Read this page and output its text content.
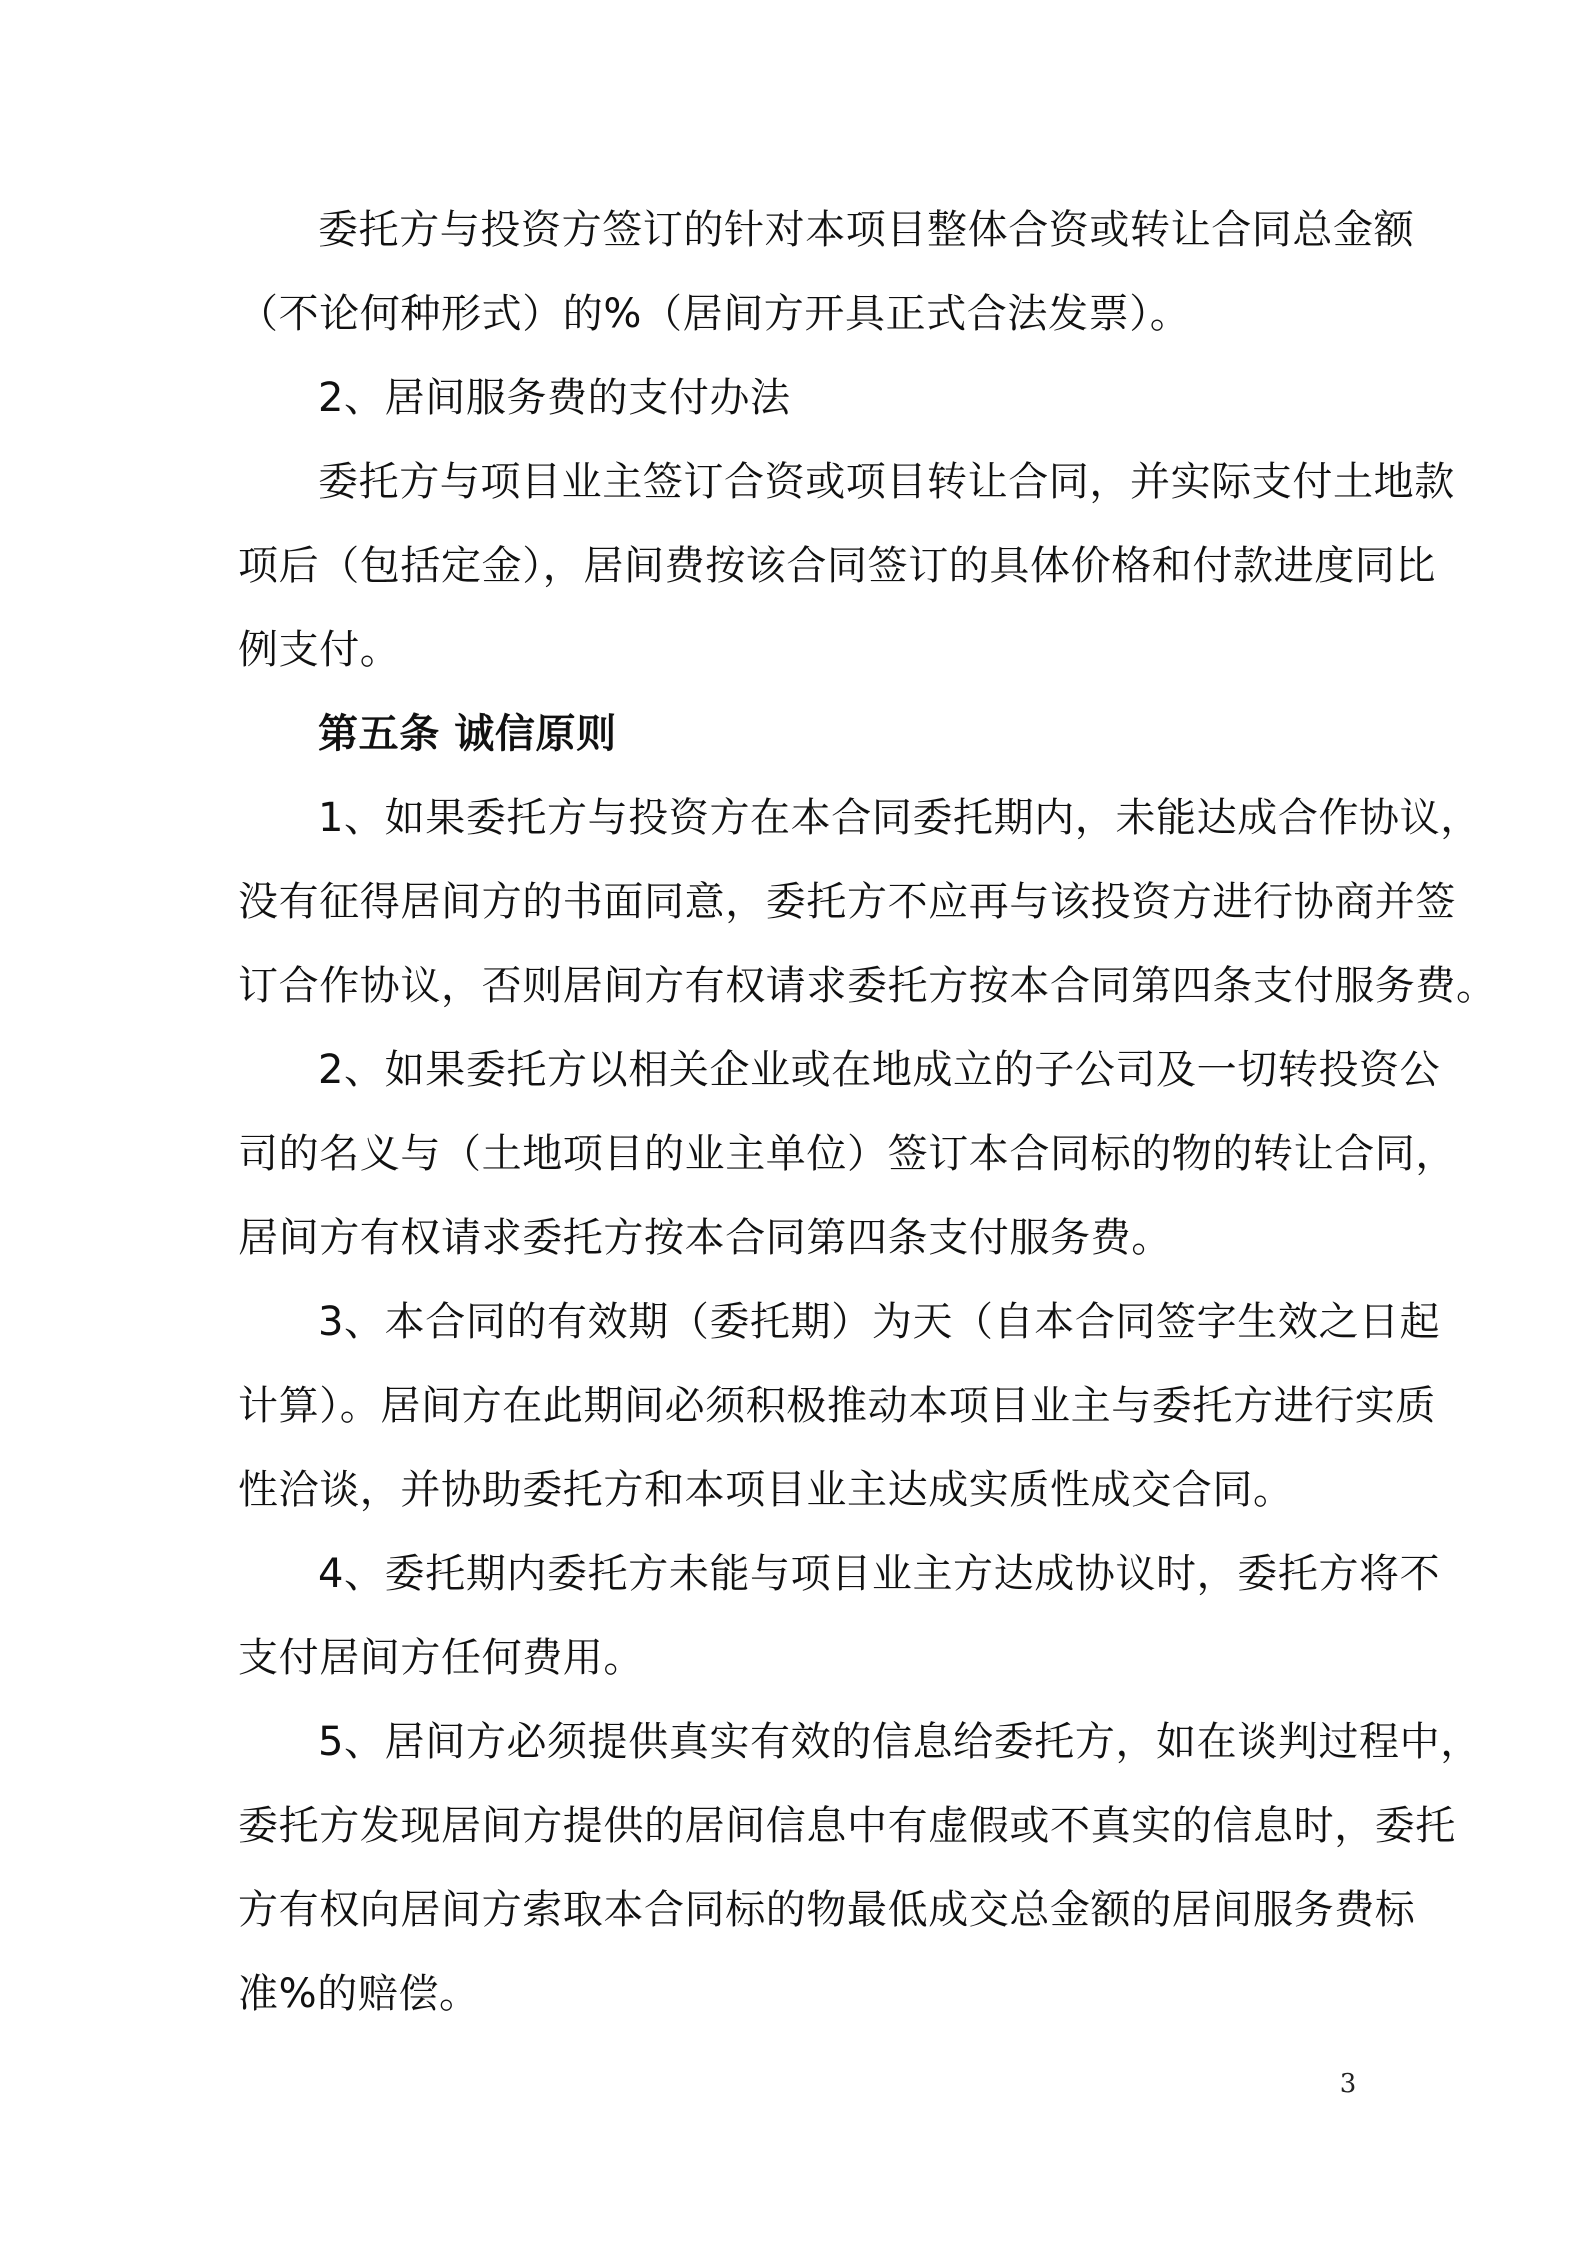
委托方与投资方签订的针对本项目整体合资或转让合同总金额
（不论何种形式）的%（居间方开具正式合法发票）。
2、居间服务费的支付办法
委托方与项目业主签订合资或项目转让合同，并实际支付土地款
项后（包括定金），居间费按该合同签订的具体价格和付款进度同比
例支付。
第五条 诚信原则
1、如果委托方与投资方在本合同委托期内，未能达成合作协议，
没有征得居间方的书面同意，委托方不应再与该投资方进行协商并签
订合作协议，否则居间方有权请求委托方按本合同第四条支付服务费。
2、如果委托方以相关企业或在地成立的子公司及一切转投资公
司的名义与（土地项目的业主单位）签订本合同标的物的转让合同，
居间方有权请求委托方按本合同第四条支付服务费。
3、本合同的有效期（委托期）为天（自本合同签字生效之日起
计算）。居间方在此期间必须积极推动本项目业主与委托方进行实质
性洽谈，并协助委托方和本项目业主达成实质性成交合同。
4、委托期内委托方未能与项目业主方达成协议时，委托方将不
支付居间方任何费用。
5、居间方必须提供真实有效的信息给委托方，如在谈判过程中，
委托方发现居间方提供的居间信息中有虚假或不真实的信息时，委托
方有权向居间方索取本合同标的物最低成交总金额的居间服务费标
准%的赔偿。
3
